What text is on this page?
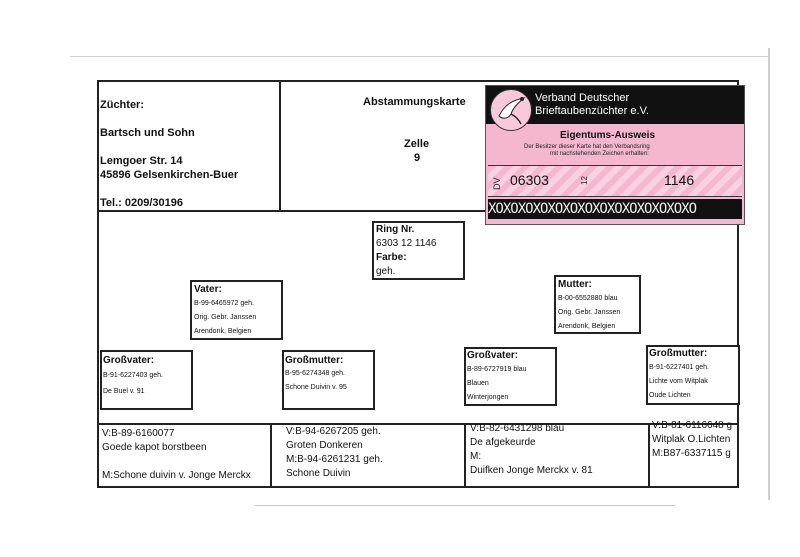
Züchter:
Bartsch und Sohn
Lemgoer Str. 14
45896 Gelsenkirchen-Buer
Tel.: 0209/30196
Abstammungskarte
Zelle
9
Verband Deutscher
Brieftaubenzüchter e.V.
Eigentums-Ausweis
Der Besitzer dieser Karte hat den Verbandsring
mit nachstehenden Zeichen erhalten:
DV 06303	12	1146
XOXOXOXOXOXOXOXOXOXOXOXOXOXO
Ring Nr.
6303 12 1146
Farbe:
geh.
Vater:
B-99-6465972 geh.
Orig. Gebr. Janssen
Arendonk, Belgien
Mutter:
B-00-6552880 blau
Orig. Gebr. Janssen
Arendonk, Belgien
Großvater:
B-91-6227403 geh.
De Buel v. 91
Großmutter:
B-95-6274348 geh.
Schone Duivin v. 95
Großvater:
B-89-6727919 blau
Blauen
Winterjongen
Großmutter:
B-91-6227401 geh.
Lichte vom Witplak
Oude Lichten
V:B-89-6160077
Goede kapot borstbeen
M:Schone duivin v. Jonge Merckx
V:B-94-6267205 geh.
Groten Donkeren
M:B-94-6261231 geh.
Schone Duivin
V:B-82-6431298 blau
De afgekeurde
M:
Duifken Jonge Merckx v. 81
V:B-81-6116648 g
Witplak O.Lichten
M:B87-6337115 g
